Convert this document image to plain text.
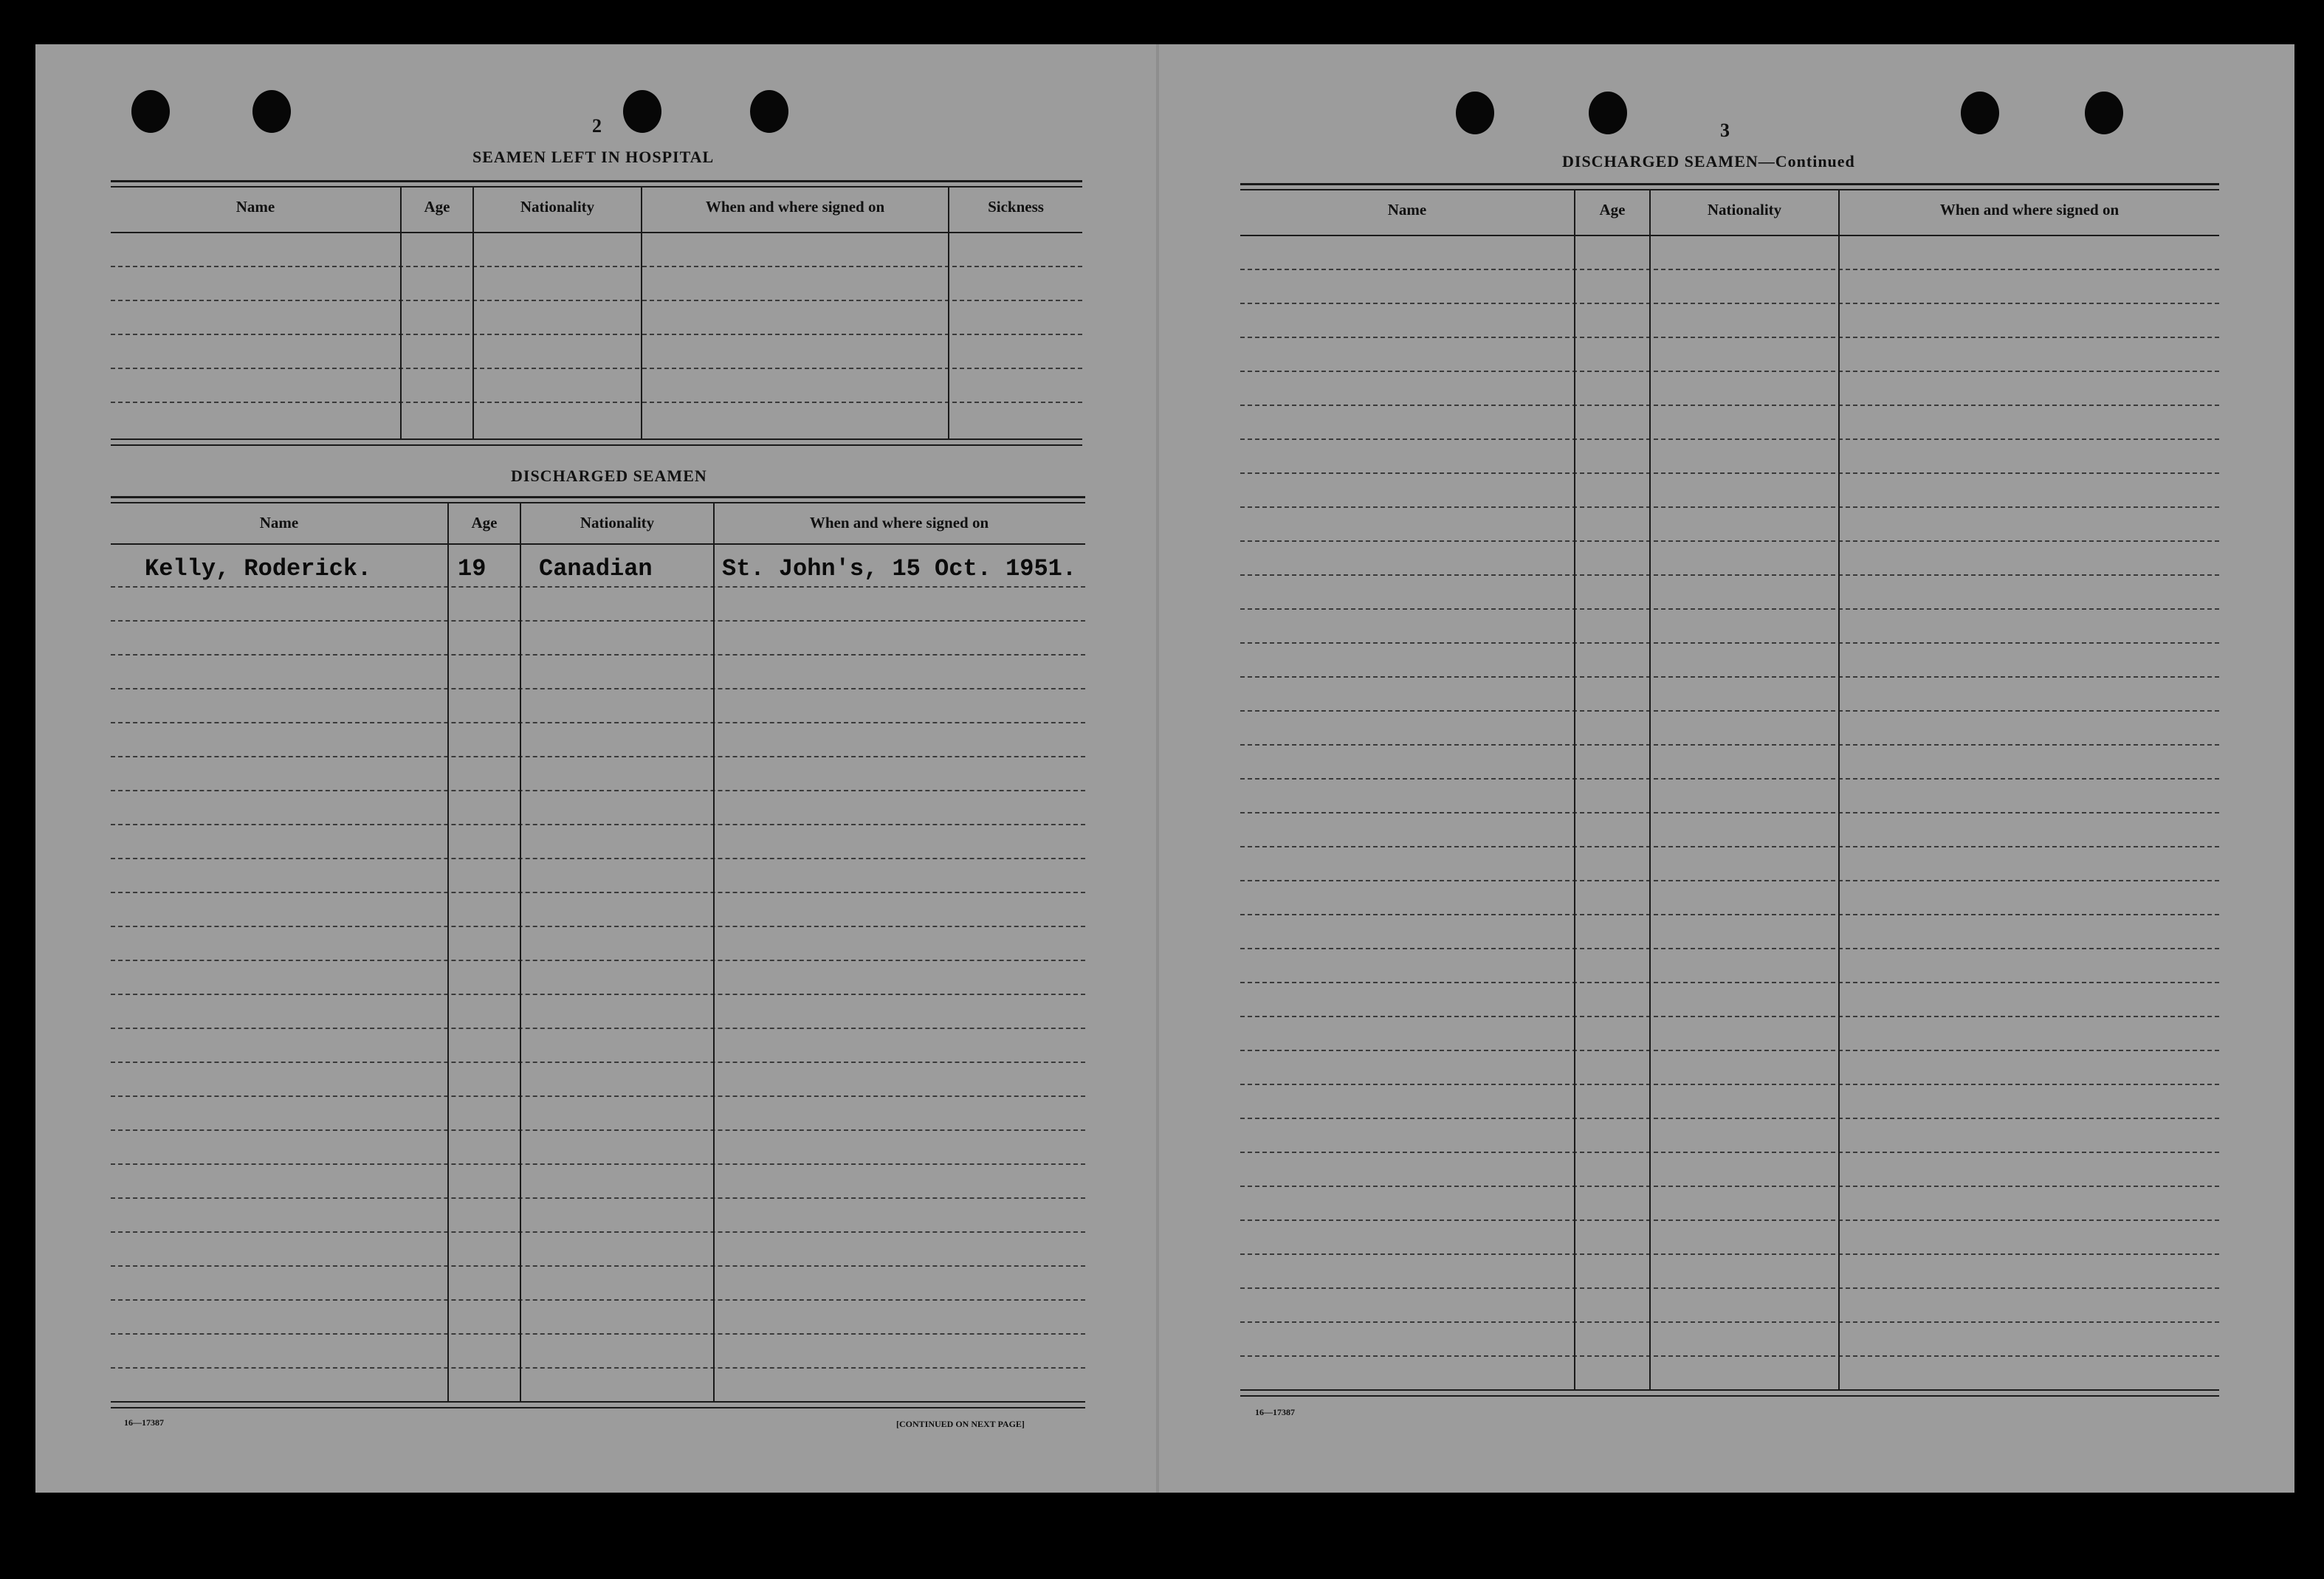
2
SEAMEN LEFT IN HOSPITAL
Name	Age	Nationality	When and where signed on	Sickness
DISCHARGED SEAMEN
Name	Age	Nationality	When and where signed on
Kelly, Roderick.	19 Canadian	St. John's, 15 Oct. 1951.
16—17387	[CONTINUED ON NEXT PAGE]
3
DISCHARGED SEAMEN—Continued
Name	Age	Nationality	When and where signed on
16—17387
